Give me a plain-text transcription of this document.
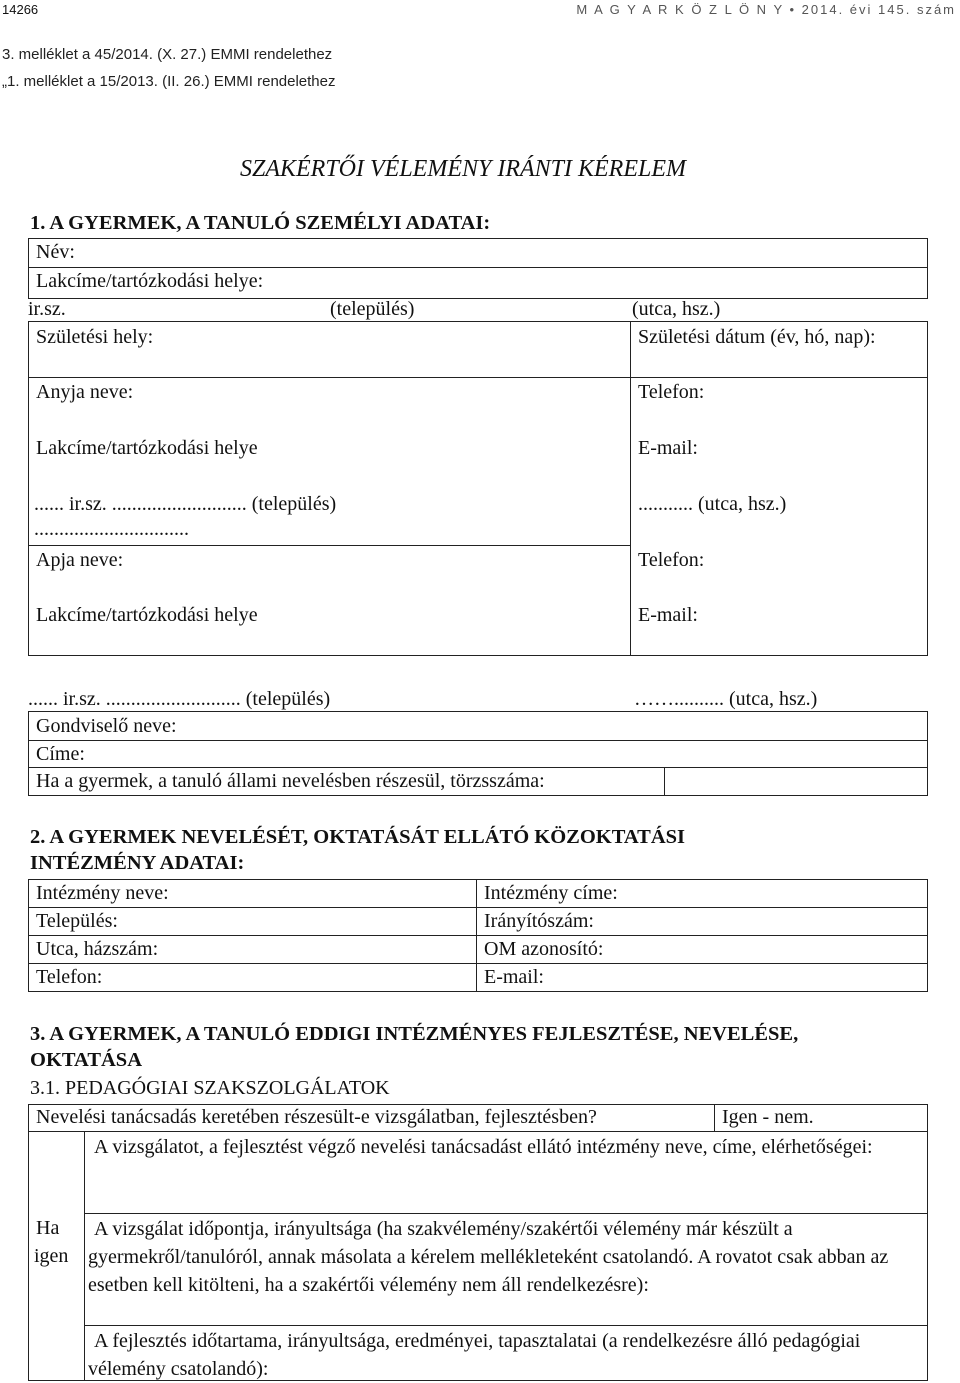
14266	M A G Y A R K Ö Z L Ö N Y • 2014. évi 145. szám
3. melléklet a 45/2014. (X. 27.) EMMI rendelethez
„1. melléklet a 15/2013. (II. 26.) EMMI rendelethez
SZAKÉRTŐI VÉLEMÉNY IRÁNTI KÉRELEM
1. A GYERMEK, A TANULÓ SZEMÉLYI ADATAI:
Név:
Lakcíme/tartózkodási helye:
ir.sz.	(település)	(utca, hsz.)
Születési hely:	Születési dátum (év, hó, nap):
Anyja neve:	Telefon:
Lakcíme/tartózkodási helye	E-mail:
...... ir.sz. ........................... (település)	........... (utca, hsz.)
...............................
Apja neve:	Telefon:
Lakcíme/tartózkodási helye	E-mail:
...... ir.sz. ........................... (település)	…….......... (utca, hsz.)
Gondviselő neve:
Címe:
Ha a gyermek, a tanuló állami nevelésben részesül, törzsszáma:
2. A GYERMEK NEVELÉSÉT, OKTATÁSÁT ELLÁTÓ KÖZOKTATÁSI
INTÉZMÉNY ADATAI:
Intézmény neve:	Intézmény címe:
Település:	Irányítószám:
Utca, házszám:	OM azonosító:
Telefon:	E-mail:
3. A GYERMEK, A TANULÓ EDDIGI INTÉZMÉNYES FEJLESZTÉSE, NEVELÉSE,
OKTATÁSA
3.1. PEDAGÓGIAI SZAKSZOLGÁLATOK
Nevelési tanácsadás keretében részesült-e vizsgálatban, fejlesztésben?	Igen - nem.
Ha
igen
A vizsgálatot, a fejlesztést végző nevelési tanácsadást ellátó intézmény neve, címe, elérhetőségei:
A vizsgálat időpontja, irányultsága (ha szakvélemény/szakértői vélemény már készült a gyermekről/tanulóról, annak másolata a kérelem mellékleteként csatolandó. A rovatot csak abban az esetben kell kitölteni, ha a szakértői vélemény nem áll rendelkezésre):
A fejlesztés időtartama, irányultsága, eredményei, tapasztalatai (a rendelkezésre álló pedagógiai vélemény csatolandó):
